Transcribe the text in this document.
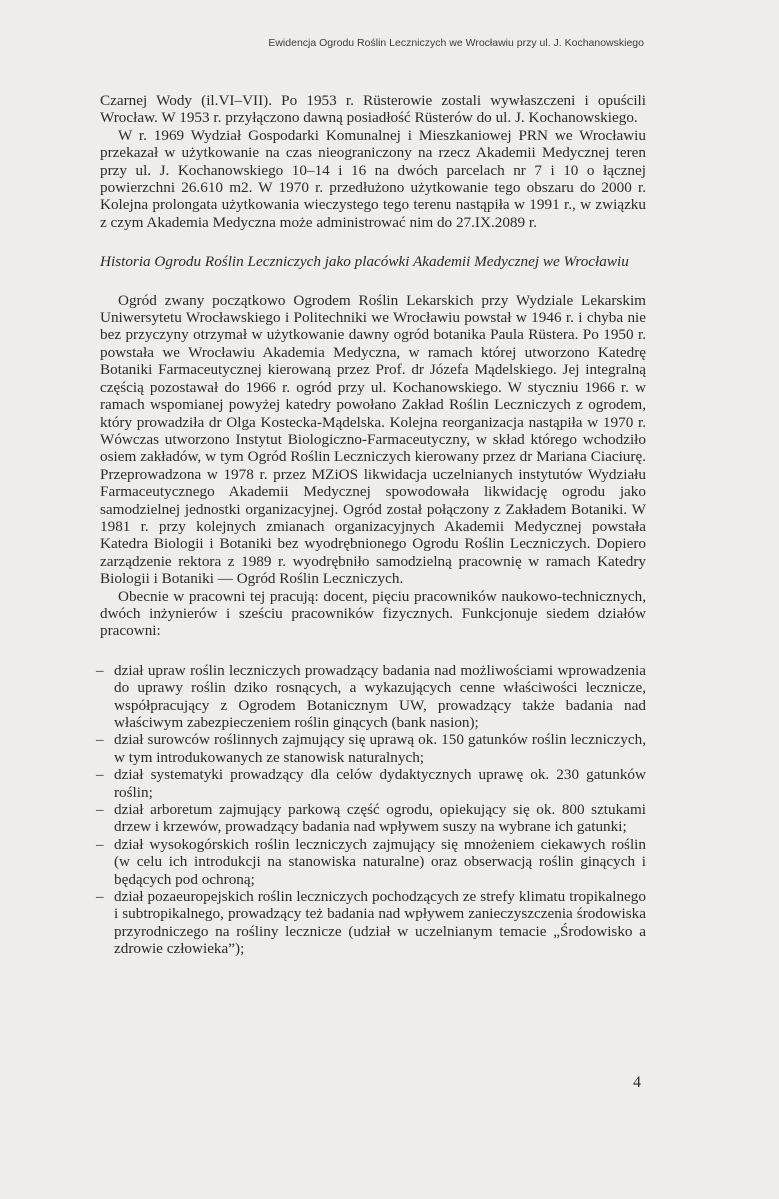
Ewidencja Ogrodu Roślin Leczniczych we Wrocławiu przy ul. J. Kochanowskiego

Czarnej Wody (il.VI–VII). Po 1953 r. Rüsterowie zostali wywłaszczeni i opuścili Wrocław. W 1953 r. przyłączono dawną posiadłość Rüsterów do ul. J. Kochanowskiego.

W r. 1969 Wydział Gospodarki Komunalnej i Mieszkaniowej PRN we Wrocławiu przekazał w użytkowanie na czas nieograniczony na rzecz Akademii Medycznej teren przy ul. J. Kochanowskiego 10–14 i 16 na dwóch parcelach nr 7 i 10 o łącznej powierzchni 26.610 m2. W 1970 r. przedłużono użytkowanie tego obszaru do 2000 r. Kolejna prolongata użytkowania wieczystego tego terenu nastąpiła w 1991 r., w związku z czym Akademia Medyczna może administrować nim do 27.IX.2089 r.

Historia Ogrodu Roślin Leczniczych jako placówki Akademii Medycznej we Wrocławiu

Ogród zwany początkowo Ogrodem Roślin Lekarskich przy Wydziale Lekarskim Uniwersytetu Wrocławskiego i Politechniki we Wrocławiu powstał w 1946 r. i chyba nie bez przyczyny otrzymał w użytkowanie dawny ogród botanika Paula Rüstera. Po 1950 r. powstała we Wrocławiu Akademia Medyczna, w ramach której utworzono Katedrę Botaniki Farmaceutycznej kierowaną przez Prof. dr Józefa Mądelskiego. Jej integralną częścią pozostawał do 1966 r. ogród przy ul. Kochanowskiego. W styczniu 1966 r. w ramach wspomianej powyżej katedry powołano Zakład Roślin Leczniczych z ogrodem, który prowadziła dr Olga Kostecka-Mądelska. Kolejna reorganizacja nastąpiła w 1970 r. Wówczas utworzono Instytut Biologiczno-Farmaceutyczny, w skład którego wchodziło osiem zakładów, w tym Ogród Roślin Leczniczych kierowany przez dr Mariana Ciaciurę. Przeprowadzona w 1978 r. przez MZiOS likwidacja uczelnianych instytutów Wydziału Farmaceutycznego Akademii Medycznej spowodowała likwidację ogrodu jako samodzielnej jednostki organizacyjnej. Ogród został połączony z Zakładem Botaniki. W 1981 r. przy kolejnych zmianach organizacyjnych Akademii Medycznej powstała Katedra Biologii i Botaniki bez wyodrębnionego Ogrodu Roślin Leczniczych. Dopiero zarządzenie rektora z 1989 r. wyodrębniło samodzielną pracownię w ramach Katedry Biologii i Botaniki — Ogród Roślin Leczniczych.

Obecnie w pracowni tej pracują: docent, pięciu pracowników naukowo-technicznych, dwóch inżynierów i sześciu pracowników fizycznych. Funkcjonuje siedem działów pracowni:

– dział upraw roślin leczniczych prowadzący badania nad możliwościami wprowadzenia do uprawy roślin dziko rosnących, a wykazujących cenne właściwości lecznicze, współpracujący z Ogrodem Botanicznym UW, prowadzący także badania nad właściwym zabezpieczeniem roślin ginących (bank nasion);
– dział surowców roślinnych zajmujący się uprawą ok. 150 gatunków roślin leczniczych, w tym introdukowanych ze stanowisk naturalnych;
– dział systematyki prowadzący dla celów dydaktycznych uprawę ok. 230 gatunków roślin;
– dział arboretum zajmujący parkową część ogrodu, opiekujący się ok. 800 sztukami drzew i krzewów, prowadzący badania nad wpływem suszy na wybrane ich gatunki;
– dział wysokogórskich roślin leczniczych zajmujący się mnożeniem ciekawych roślin (w celu ich introdukcji na stanowiska naturalne) oraz obserwacją roślin ginących i będących pod ochroną;
– dział pozaeuropejskich roślin leczniczych pochodzących ze strefy klimatu tropikalnego i subtropikalnego, prowadzący też badania nad wpływem zanieczyszczenia środowiska przyrodniczego na rośliny lecznicze (udział w uczelnianym temacie „Środowisko a zdrowie człowieka”);
4
